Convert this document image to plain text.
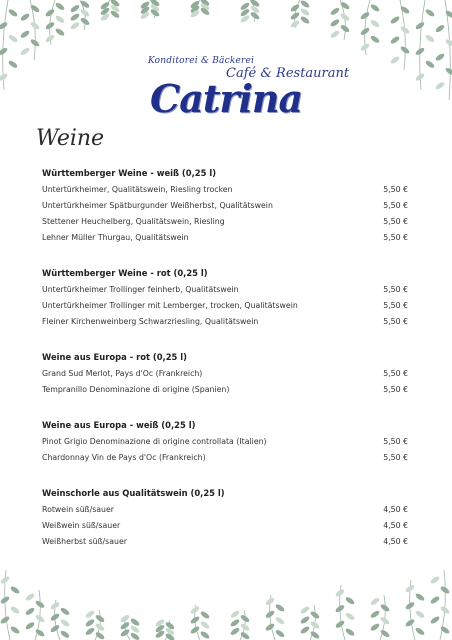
Konditorei & Bäckerei
Café & Restaurant
Catrina
Weine
Württemberger Weine - weiß (0,25 l)
Untertürkheimer, Qualitätswein, Riesling trocken	5,50 €
Untertürkheimer Spätburgunder Weißherbst, Qualitätswein	5,50 €
Stettener Heuchelberg, Qualitätswein, Riesling	5,50 €
Lehner Müller Thurgau, Qualitätswein	5,50 €
Württemberger Weine - rot (0,25 l)
Untertürkheimer Trollinger feinherb, Qualitätswein	5,50 €
Untertürkheimer Trollinger mit Lemberger, trocken, Qualitätswein	5,50 €
Fleiner Kirchenweinberg Schwarzriesling, Qualitätswein	5,50 €
Weine aus Europa - rot (0,25 l)
Grand Sud Merlot, Pays d'Oc (Frankreich)	5,50 €
Tempranillo Denominazione di origine (Spanien)	5,50 €
Weine aus Europa - weiß (0,25 l)
Pinot Grigio Denominazione di origine controllata (Italien)	5,50 €
Chardonnay Vin de Pays d'Oc (Frankreich)	5,50 €
Weinschorle aus Qualitätswein (0,25 l)
Rotwein süß/sauer	4,50 €
Weißwein süß/sauer	4,50 €
Weißherbst süß/sauer	4,50 €
